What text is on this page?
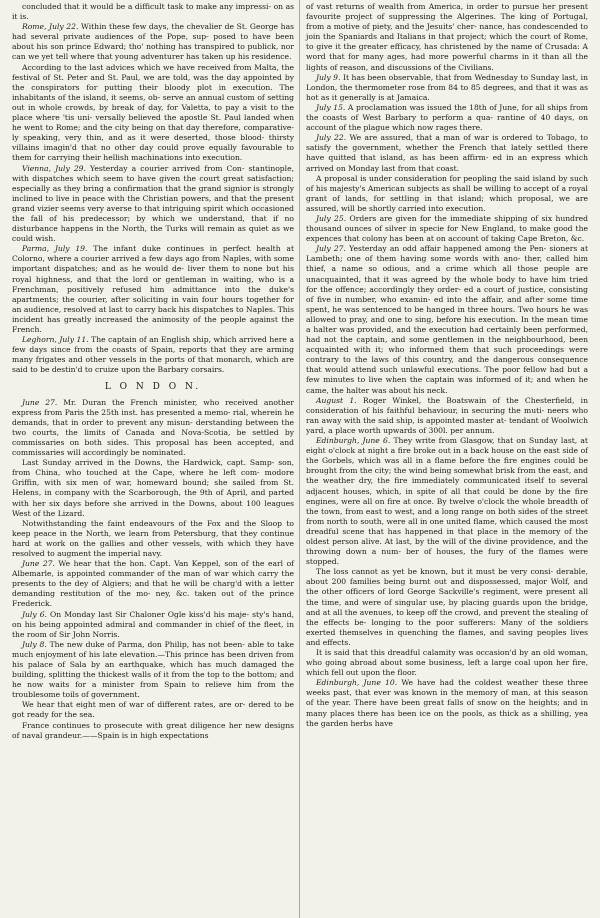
concluded that it would be a difficult task to make any impressi- on as it is.

Rome, July 22. Within these few days, the chevalier de St. George has had several private audiences of the Pope, sup- posed to have been about his son prince Edward; tho' nothing has transpired to publick, nor can we yet tell where that young adventurer has taken up his residence.

According to the last advices which we have received from Malta, the festival of St. Peter and St. Paul, we are told, was the day appointed by the conspirators for putting their bloody plot in execution. The inhabitants of the island, it seems, ob- serve an annual custom of setting out in whole crowds, by break of day, for Valetta, to pay a visit to the place where 'tis uni- versally believed the apostle St. Paul landed when he went to Rome; and the city being on that day therefore, comparative- ly speaking, very thin, and as it were deserted, those blood- thirsty villains imagin'd that no other day could prove equally favourable to them for carrying their hellish machinations into execution.

Vienna, July 29. Yesterday a courier arrived from Con- stantinople, with dispatches which seem to have given the court great satisfaction; especially as they bring a confirmation that the grand signior is strongly inclined to live in peace with the Christian powers, and that the present grand vizier seems very averse to that intriguing spirit which occasioned the fall of his predecessor; by which we understand, that if no disturbance happens in the North, the Turks will remain as quiet as we could wish.

Parma, July 19. The infant duke continues in perfect health at Colorno, where a courier arrived a few days ago from Naples, with some important dispatches; and as he would de- liver them to none but his royal highness, and that the lord or gentleman in waiting, who is a Frenchman, positively refused him admittance into the duke's apartments; the courier, after soliciting in vain four hours together for an audience, resolved at last to carry back his dispatches to Naples. This incident has greatly increased the animosity of the people against the French.

Leghorn, July 11. The captain of an English ship, which arrived here a few days since from the coasts of Spain, reports that they are arming many frigates and other vessels in the ports of that monarch, which are said to be destin'd to cruize upon the Barbary corsairs.

L O N D O N.

June 27. Mr. Duran the French minister, who received another express from Paris the 25th inst. has presented a memo- rial, wherein he demands, that in order to prevent any misun- derstanding between the two courts, the limits of Canada and Nova-Scotia, be settled by commissaries on both sides. This proposal has been accepted, and commissaries will accordingly be nominated.

Last Sunday arrived in the Downs, the Hardwick, capt. Samp- son, from China, who touched at the Cape, where he left com- modore Griffin, with six men of war, homeward bound; she sailed from St. Helens, in company with the Scarborough, the 9th of April, and parted with her six days before she arrived in the Downs, about 100 leagues West of the Lizard.

Notwithstanding the faint endeavours of the Fox and the Sloop to keep peace in the North, we learn from Petersburg, that they continue hard at work on the gallies and other vessels, with which they have resolved to augment the imperial navy.

June 27. We hear that the hon. Capt. Van Keppel, son of the earl of Albemarle, is appointed commander of the man of war which carry the presents to the dey of Algiers; and that he will be charg'd with a letter demanding restitution of the mo- ney, &c. taken out of the prince Frederick.

July 6. On Monday last Sir Chaloner Ogle kiss'd his maje- sty's hand, on his being appointed admiral and commander in chief of the fleet, in the room of Sir John Norris.

July 8. The new duke of Parma, don Philip, has not been- able to take much enjoyment of his late elevation.—This prince has been driven from his palace of Sala by an earthquake, which has much damaged the building, splitting the thickest walls of it from the top to the bottom; and he now waits for a minister from Spain to relieve him from the troublesome toils of government.

We hear that eight men of war of different rates, are or- dered to be got ready for the sea.

France continues to prosecute with great diligence her new designs of naval grandeur.——Spain is in high expectations

of vast returns of wealth from America, in order to pursue her present favourite project of suppressing the Algerines. The king of Portugal, from a motive of piety, and the Jesuits' cher- nance, has condescended to join the Spaniards and Italians in that project; which the court of Rome, to give it the greater efficacy, has christened by the name of Crusada: A word that for many ages, had more powerful charms in it than all the lights of reason, and discussions of the Civilians.

July 9. It has been observable, that from Wednesday to Sunday last, in London, the thermometer rose from 84 to 85 degrees, and that it was as hot as it generally is at Jamaica.

July 15. A proclamation was issued the 18th of June, for all ships from the coasts of West Barbary to perform a qua- rantine of 40 days, on account of the plague which now rages there.

July 22. We are assured, that a man of war is ordered to Tobago, to satisfy the government, whether the French that lately settled there have quitted that island, as has been affirm- ed in an express which arrived on Monday last from that coast.

A proposal is under consideration for peopling the said island by such of his majesty's American subjects as shall be willing to accept of a royal grant of lands, for settling in that island; which proposal, we are assured, will be shortly carried into execution.

July 25. Orders are given for the immediate shipping of six hundred thousand ounces of silver in specie for New England, to make good the expences that colony has been at on account of taking Cape Breton, &c.

July 27. Yesterday an odd affair happened among the Pen- sioners at Lambeth; one of them having some words with ano- ther, called him thief, a name so odious, and a crime which all those people are unacquainted, that it was agreed by the whole body to have him tried for the offence; accordingly they order- ed a court of justice, consisting of five in number, who examin- ed into the affair, and after some time spent, he was sentenced to be hanged in three hours. Two hours he was allowed to pray, and one to sing, before his execution. In the mean time a halter was provided, and the execution had certainly been performed, had not the captain, and some gentlemen in the neighbourhood, been acquainted with it; who informed them that such proceedings were contrary to the laws of this country, and the dangerous consequence that would attend such unlawful executions. The poor fellow had but a few minutes to live when the captain was informed of it; and when he came, the halter was about his neck.

August 1. Roger Winkel, the Boatswain of the Chesterfield, in consideration of his faithful behaviour, in securing the muti- neers who ran away with the said ship, is appointed master at- tendant of Woolwich yard, a place worth upwards of 300l. per annum.

Edinburgh, June 6. They write from Glasgow, that on Sunday last, at eight o'clock at night a fire broke out in a back house on the east side of the Gorbels, which was all in a flame before the fire engines could be brought from the city; the wind being somewhat brisk from the east, and the weather dry, the fire immediately communicated itself to several adjacent houses, which, in spite of all that could be done by the fire engines, were all on fire at once. By twelve o'clock the whole breadth of the town, from east to west, and a long range on both sides of the street from north to south, were all in one united flame, which caused the most dreadful scene that has happened in that place in the memory of the oldest person alive. At last, by the will of the divine providence, and the throwing down a num- ber of houses, the fury of the flames were stopped.

The loss cannot as yet be known, but it must be very consi- derable, about 200 families being burnt out and dispossessed, major Wolf, and the other officers of lord George Sackville's regiment, were present all the time, and were of singular use, by placing guards upon the bridge, and at all the avenues, to keep off the crowd, and prevent the stealing of the effects be- longing to the poor sufferers: Many of the soldiers exerted themselves in quenching the flames, and saving peoples lives and effects.

It is said that this dreadful calamity was occasion'd by an old woman, who going abroad about some business, left a large coal upon her fire, which fell out upon the floor.

Edinburgh, June 10. We have had the coldest weather these three weeks past, that ever was known in the memory of man, at this season of the year. There have been great falls of snow on the heights; and in many places there has been ice on the pools, as thick as a shilling, yea the garden herbs have
